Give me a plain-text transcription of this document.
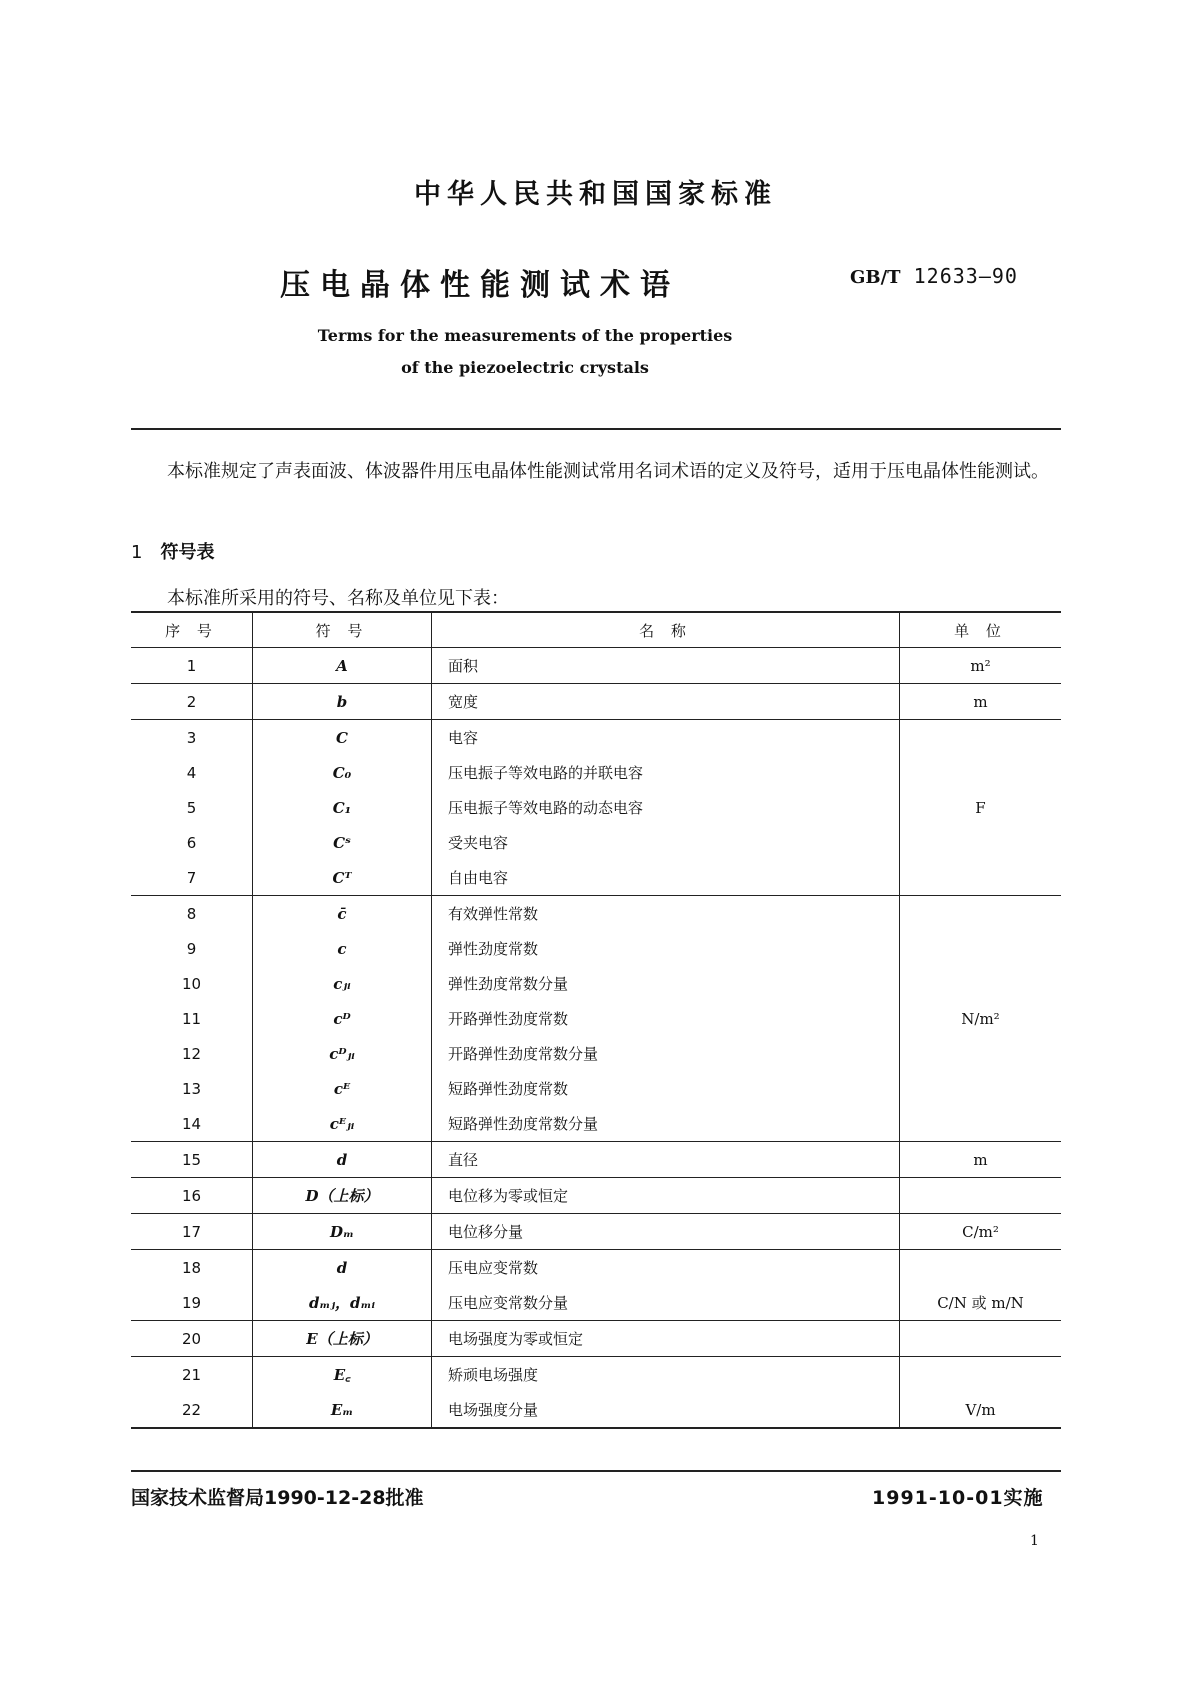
中华人民共和国国家标准
压电晶体性能测试术语	GB/T 12633—90
Terms for the measurements of the properties
of the piezoelectric crystals
本标准规定了声表面波、体波器件用压电晶体性能测试常用名词术语的定义及符号，适用于压电晶体性能测试。
1 符号表
本标准所采用的符号、名称及单位见下表：
序 号	符 号	名 称	单 位
1	A	面积	m²
2	b	宽度	m
3	C	电容	
4	C₀	压电振子等效电路的并联电容	
5	C₁	压电振子等效电路的动态电容	F
6	Cˢ	受夹电容	
7	Cᵀ	自由电容	
8	c̄	有效弹性常数	
9	c	弹性劲度常数	
10	cⱼᵢ	弹性劲度常数分量	
11	cᴰ	开路弹性劲度常数	N/m²
12	cᴰⱼᵢ	开路弹性劲度常数分量	
13	cᴱ	短路弹性劲度常数	
14	cᴱⱼᵢ	短路弹性劲度常数分量	
15	d	直径	m
16	D（上标）	电位移为零或恒定	
17	Dₘ	电位移分量	C/m²
18	d	压电应变常数	
19	dₘⱼ，dₘᵢ	压电应变常数分量	C/N 或 m/N
20	E（上标）	电场强度为零或恒定	
21	E꜀	矫顽电场强度	
22	Eₘ	电场强度分量	V/m
国家技术监督局1990-12-28批准	1991-10-01实施
1
